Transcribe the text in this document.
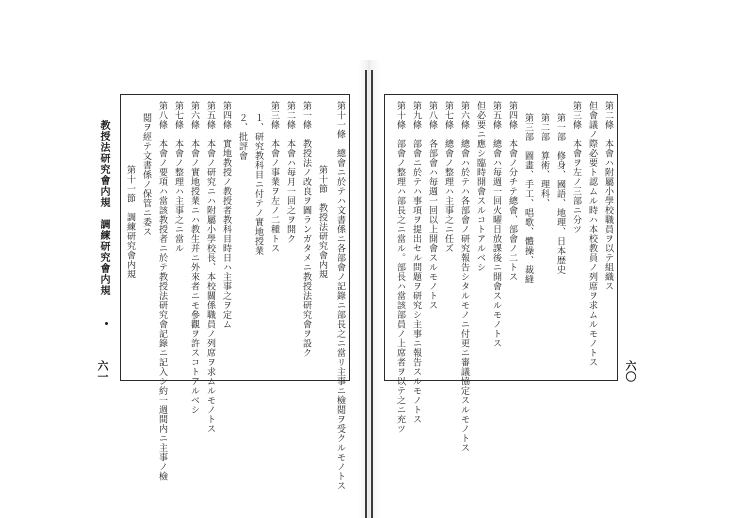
教授法研究會内規　調練研究會内規
六一	第十一條　總會ニ於テハ文書係ニ各部會ノ記錄ニ部長之ニ當リ主事ニ檢閲ヲ受クルモノトス
第十節　教授法研究會内規
第一條　教授法ノ改良ヲ圖ランガタメニ教授法研究會ヲ設ク
第二條　本會ハ毎月一回之ヲ開ク
第三條　本會ノ事業ヲ左ノ二種トス
１、研究教科目ニ付テノ實地授業
２、批評會
第四條　實地教授ノ教授者教科目時日ハ主事之ヲ定ム
第五條　本會ノ研究ニハ附屬小學校長、本校關係職員ノ列席ヲ求ムルモノトス
第六條　本會ノ實地授業ニハ教生并ニ外來者ニモ參觀ヲ許スコトアルベシ
第七條　本會ノ整理ハ主事之ニ當ル
第八條　本會ノ要項ハ當該教授者ニ於テ教授法研究會記錄ニ記入シ約一週間内ニ主事ノ檢
閲ヲ經テ文書係ノ保管ニ委ス
第十一節　調練研究會内規
六〇
第二條　本會ハ附屬小學校職員ヲ以テ組織ス
但會議ノ際必要ト認ムル時ハ本校教員ノ列席ヲ求ムルモノトス
第三條　本會ヲ左ノ三部ニ分ツ
第一部　修身、國語、地理、日本歴史
第二部　算術、理科、
第三部　圖畫、手工、唱歌、體操、裁縫
第四條　本會ノ分チテ總會、部會ノ二トス
第五條　總會ハ毎週一回火曜日放課後ニ開會スルモノトス
但必要ニ應シ臨時開會スルコトアルベシ
第六條　總會ハ於テハ各部會ノ研究報告シタルモノニ付更ニ審議協定スルモノトス
第七條　總會ノ整理ハ主事之ニ任ズ
第八條　各部會ハ毎週一回以上開會スルモノトス
第九條　部會ニ於テハ事項ヲ提出セル問題ヲ研究シ主事ニ報告スルモノトス
第十條　部會ノ整理ハ部長之ニ當ル。部長ハ當該部員ノ上席者ヲ以テ之ニ充ツ
